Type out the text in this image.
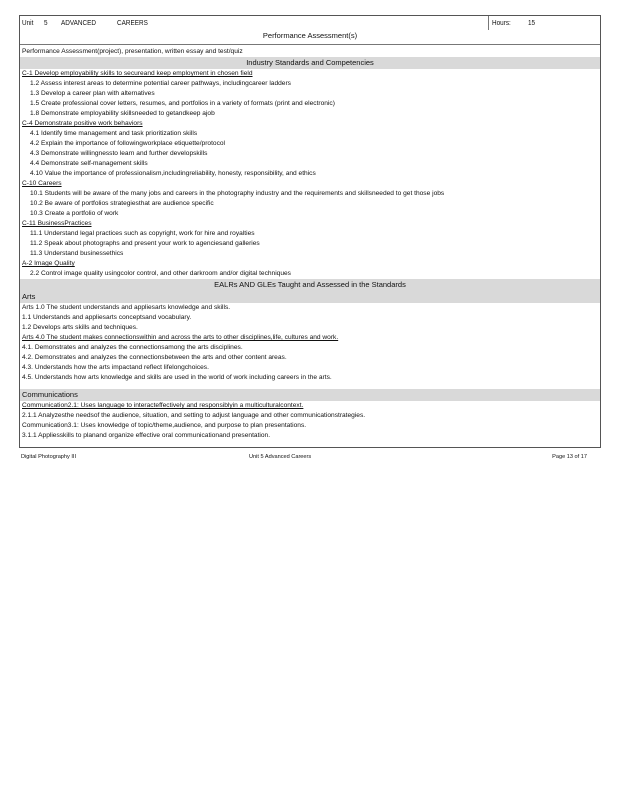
Unit 5 ADVANCED	CAREERS	Hours: 15
Performance Assessment(s)
Performance Assessment(project), presentation, written essay and test/quiz
Industry Standards and Competencies
C-1 Develop employability skills to secureand keep employment in chosen field
1.2 Assess interest areas to determine potential career pathways, includingcareer ladders
1.3 Develop a career plan with alternatives
1.5 Create professional cover letters, resumes, and portfolios in a variety of formats (print and electronic)
1.8 Demonstrate employability skillsneeded to getandkeep ajob
C-4 Demonstrate positive work behaviors
4.1 Identify time management and task prioritization skills
4.2 Explain the importance of followingworkplace etiquette/protocol
4.3 Demonstrate willingnessto learn and further developskills
4.4 Demonstrate self-management skills
4.10 Value the importance of professionalism,includingreliability, honesty, responsibility, and ethics
C-10 Careers
10.1 Students will be aware of the many jobs and careers in the photography industry and the requirements and skillsneeded to get those jobs
10.2 Be aware of portfolios strategiesthat are audience specific
10.3 Create a portfolio of work
C-11 BusinessPractices
11.1 Understand legal practices such as copyright, work for hire and royalties
11.2 Speak about photographs and present your work to agenciesand galleries
11.3 Understand businessethics
A-2 Image Quality
2.2 Control image quality usingcolor control, and other darkroom and/or digital techniques
EALRs AND GLEs Taught and Assessed in the Standards
Arts
Arts 1.0 The student understands and appliesarts knowledge and skills.
1.1 Understands and appliesarts conceptsand vocabulary.
1.2 Develops arts skills and techniques.
Arts 4.0 The student makes connectionswithin and across the arts to other disciplines,life, cultures and work.
4.1. Demonstrates and analyzes the connectionsamong the arts disciplines.
4.2. Demonstrates and analyzes the connectionsbetween the arts and other content areas.
4.3. Understands how the arts impactand reflect lifelongchoices.
4.5. Understands how arts knowledge and skills are used in the world of work including careers in the arts.
Communications
Communication2.1: Uses language to interacteffectively and responsiblyin a multiculturalcontext.
2.1.1 Analyzesthe needsof the audience, situation, and setting to adjust language and other communicationstrategies.
Communication3.1: Uses knowledge of topic/theme,audience, and purpose to plan presentations.
3.1.1 Appliesskills to planand organize effective oral communicationand presentation.
Digital Photography III	Unit 5 Advanced Careers	Page 13 of 17
